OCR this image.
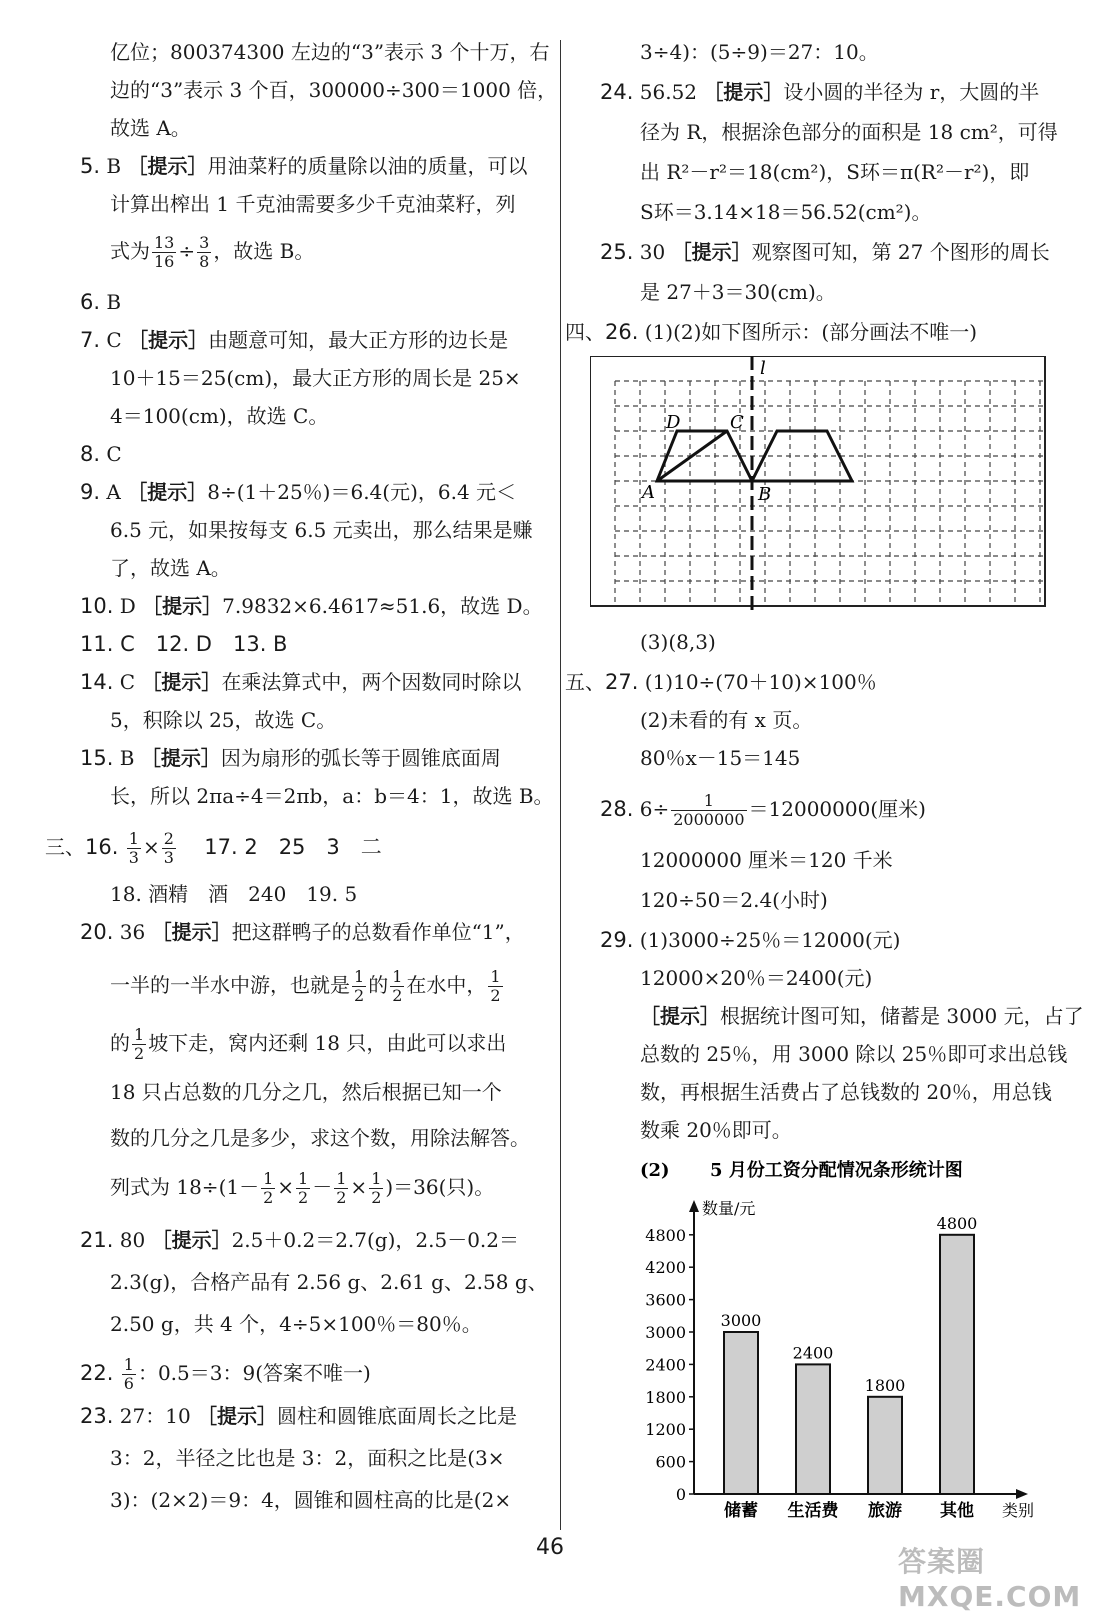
亿位；800374300 左边的“3”表示 3 个十万，右
边的“3”表示 3 个百，300000÷300＝1000 倍，
故选 A。
5. B ［提示］用油菜籽的质量除以油的质量，可以
计算出榨出 1 千克油需要多少千克油菜籽，列
式为 $\frac{13}{16} \div \frac{3}{8}$ ，故选 B。
6. B
7. C ［提示］由题意可知，最大正方形的边长是
10＋15＝25(cm)，最大正方形的周长是 25×
4＝100(cm)，故选 C。
8. C
9. A ［提示］8÷(1＋25％)＝6.4(元)，6.4 元＜
6.5 元，如果按每支 6.5 元卖出，那么结果是赚
了，故选 A。
10. D ［提示］7.9832×6.4617≈51.6，故选 D。
11. C　12. D　13. B
14. C ［提示］在乘法算式中，两个因数同时除以
5，积除以 25，故选 C。
15. B ［提示］因为扇形的弧长等于圆锥底面周
长，所以 2πa÷4＝2πb，a：b＝4：1，故选 B。
三、16. $\frac{1}{3} \times \frac{2}{3} 17$. 2　25　3　二
18. 酒精　酒　240　19. 5
20. 36 ［提示］把这群鸭子的总数看作单位“1”，
一半的一半水中游，也就是 $\frac{1}{2}$ 的 $\frac{1}{2}$ 在水中， $\frac{1}{2}$
的 $\frac{1}{2}$ 坡下走，窝内还剩 18 只，由此可以求出
18 只占总数的几分之几，然后根据已知一个
数的几分之几是多少，求这个数，用除法解答。
列式为 $18\div(1- \frac{1}{2} \times \frac{1}{2} - \frac{1}{2} \times \frac{1}{2} )=36$(只)。
21. 80 ［提示］2.5＋0.2＝2.7(g)，2.5－0.2＝
2.3(g)，合格产品有 2.56 g、2.61 g、2.58 g、
2.50 g，共 4 个，4÷5×100％＝80％。
22. $\frac{1}{6}$ ：0.5＝3：9(答案不唯一)
23. 27：10 ［提示］圆柱和圆锥底面周长之比是
3：2，半径之比也是 3：2，面积之比是(3×
3)：(2×2)＝9：4，圆锥和圆柱高的比是(2×
3÷4)：(5÷9)＝27：10。
24. 56.52 ［提示］设小圆的半径为 r，大圆的半
径为 R，根据涂色部分的面积是 18 cm²，可得
出 R²－r²＝18(cm²)，S环＝π(R²－r²)，即
S环＝3.14×18＝56.52(cm²)。
25. 30 ［提示］观察图可知，第 27 个图形的周长
是 27＋3＝30(cm)。
四、26. (1)(2)如下图所示：(部分画法不唯一)
l
D	C
A	B
(3)(8,3)
五、27. (1)10÷(70＋10)×100％
(2)未看的有 x 页。
80％x－15＝145
28. $6\div \frac{1}{2000000} =12000000$(厘米)
12000000 厘米＝120 千米
120÷50＝2.4(小时)
29. (1)3000÷25％＝12000(元)
12000×20％＝2400(元)
［提示］根据统计图可知，储蓄是 3000 元，占了
总数的 25％，用 3000 除以 25％即可求出总钱
数，再根据生活费占了总钱数的 20％，用总钱
数乘 20％即可。
(2) 5 月份工资分配情况条形统计图
数量/元
类别
0
600
1200
1800
2400
3000
3600
4200
4800
3000
储蓄
2400
生活费
1800
旅游
4800
其他
46	答案圈 MXQE.COM
